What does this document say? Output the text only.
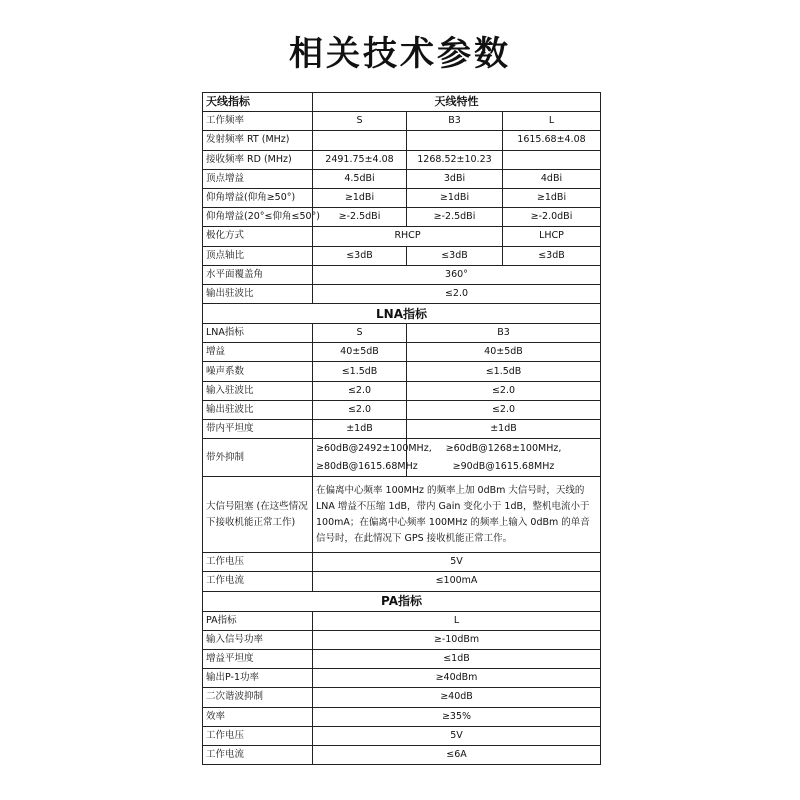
相关技术参数
天线指标	天线特性		
工作频率	S	B3	L
发射频率 RT (MHz)			1615.68±4.08
接收频率 RD (MHz)	2491.75±4.08	1268.52±10.23	
顶点增益	4.5dBi	3dBi	4dBi
仰角增益(仰角≥50°)	≥1dBi	≥1dBi	≥1dBi
仰角增益(20°≤仰角≤50°)	≥-2.5dBi	≥-2.5dBi	≥-2.0dBi
极化方式	RHCP		LHCP
顶点轴比	≤3dB	≤3dB	≤3dB
水平面覆盖角	360°		
输出驻波比	≤2.0		
LNA指标			
LNA指标	S	B3	
增益	40±5dB	40±5dB	
噪声系数	≤1.5dB	≤1.5dB	
输入驻波比	≤2.0	≤2.0	
输出驻波比	≤2.0	≤2.0	
带内平坦度	±1dB	±1dB	
带外抑制	≥60dB@2492±100MHz, ≥80dB@1615.68MHz	≥60dB@1268±100MHz, ≥90dB@1615.68MHz	
大信号阻塞 (在这些情况下接收机能正常工作)	在偏离中心频率 100MHz 的频率上加 0dBm 大信号时，天线的 LNA 增益不压缩 1dB，带内 Gain 变化小于 1dB，整机电流小于 100mA；在偏离中心频率 100MHz 的频率上输入 0dBm 的单音信号时，在此情况下 GPS 接收机能正常工作。		
工作电压	5V		
工作电流	≤100mA		
PA指标			
PA指标	L		
输入信号功率	≥-10dBm		
增益平坦度	≤1dB		
输出P-1功率	≥40dBm		
二次谐波抑制	≥40dB		
效率	≥35%		
工作电压	5V		
工作电流	≤6A		
